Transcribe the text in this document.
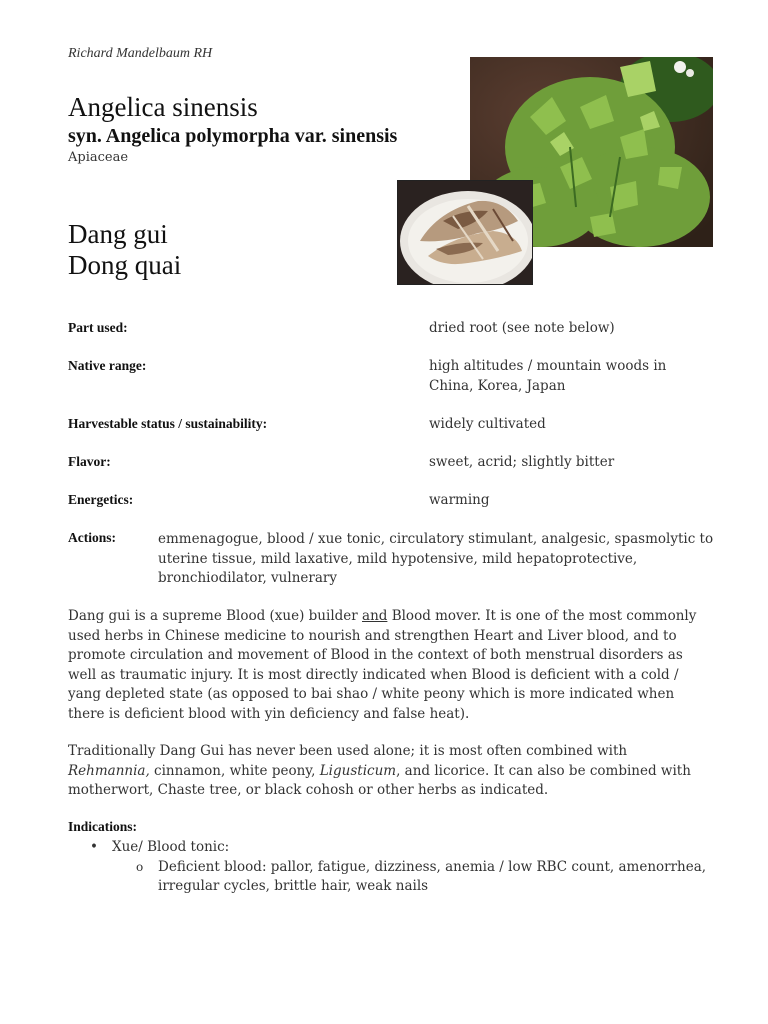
Richard Mandelbaum RH
Angelica sinensis
syn. Angelica polymorpha var. sinensis
Apiaceae
Dang gui
Dong quai
Part used:	dried root (see note below)
Native range:	high altitudes / mountain woods in China, Korea, Japan
Harvestable status / sustainability:	widely cultivated
Flavor:	sweet, acrid; slightly bitter
Energetics:	warming
Actions:	emmenagogue, blood / xue tonic, circulatory stimulant, analgesic, spasmolytic to uterine tissue, mild laxative, mild hypotensive, mild hepatoprotective, bronchiodilator, vulnerary
Dang gui is a supreme Blood (xue) builder and Blood mover. It is one of the most commonly used herbs in Chinese medicine to nourish and strengthen Heart and Liver blood, and to promote circulation and movement of Blood in the context of both menstrual disorders as well as traumatic injury. It is most directly indicated when Blood is deficient with a cold / yang depleted state (as opposed to bai shao / white peony which is more indicated when there is deficient blood with yin deficiency and false heat).
Traditionally Dang Gui has never been used alone; it is most often combined with Rehmannia, cinnamon, white peony, Ligusticum, and licorice. It can also be combined with motherwort, Chaste tree, or black cohosh or other herbs as indicated.
Indications:
• Xue/ Blood tonic:
o Deficient blood: pallor, fatigue, dizziness, anemia / low RBC count, amenorrhea, irregular cycles, brittle hair, weak nails
